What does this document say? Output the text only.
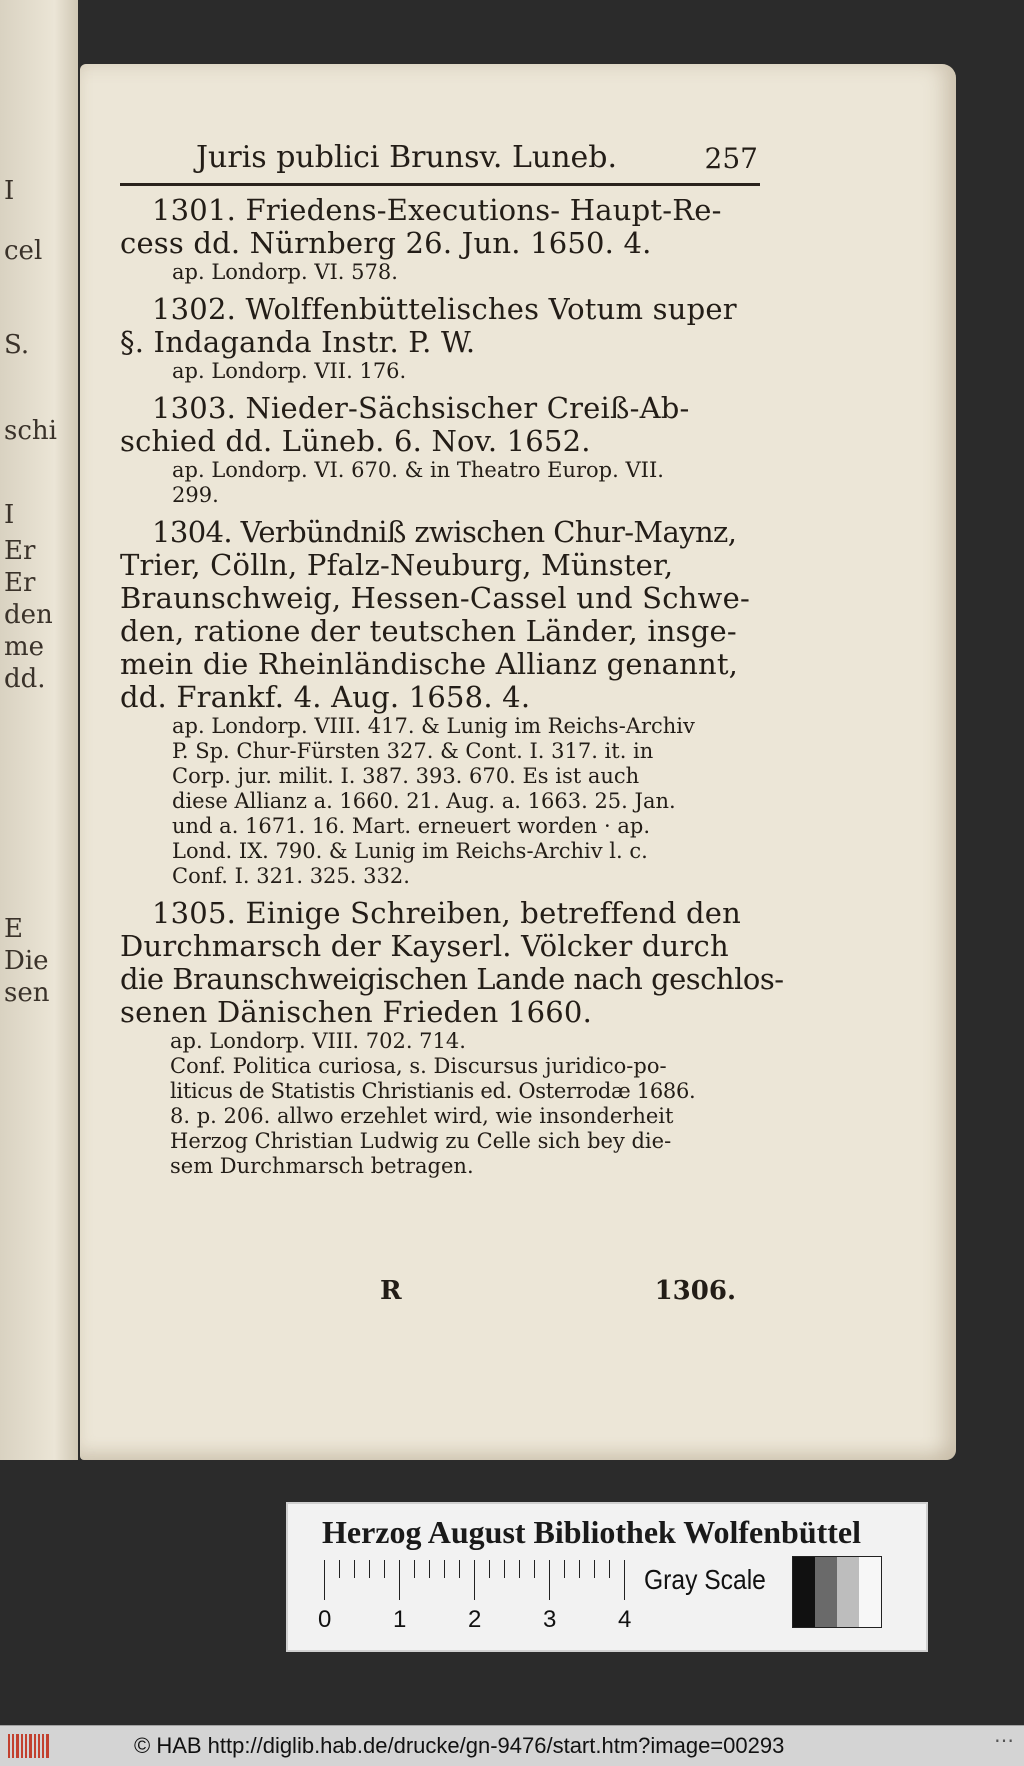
I
cel
S.
schi
I
Er
Er
den
me
dd.
E
Die
sen
Juris publici Brunsv. Luneb.	257
1301. Friedens-Executions- Haupt-Re-
cess dd. Nürnberg 26. Jun. 1650. 4.
ap. Londorp. VI. 578.
1302. Wolffenbüttelisches Votum super
§. Indaganda Instr. P. W.
ap. Londorp. VII. 176.
1303. Nieder-Sächsischer Creiß-Ab-
schied dd. Lüneb. 6. Nov. 1652.
ap. Londorp. VI. 670. & in Theatro Europ. VII.
299.
1304. Verbündniß zwischen Chur-Maynz,
Trier, Cölln, Pfalz-Neuburg, Münster,
Braunschweig, Hessen-Cassel und Schwe-
den, ratione der teutschen Länder, insge-
mein die Rheinländische Allianz genannt,
dd. Frankf. 4. Aug. 1658. 4.
ap. Londorp. VIII. 417. & Lunig im Reichs-Archiv
P. Sp. Chur-Fürsten 327. & Cont. I. 317. it. in
Corp. jur. milit. I. 387. 393. 670. Es ist auch
diese Allianz a. 1660. 21. Aug. a. 1663. 25. Jan.
und a. 1671. 16. Mart. erneuert worden · ap.
Lond. IX. 790. & Lunig im Reichs-Archiv l. c.
Conf. I. 321. 325. 332.
1305. Einige Schreiben, betreffend den
Durchmarsch der Kayserl. Völcker durch
die Braunschweigischen Lande nach geschlos-
senen Dänischen Frieden 1660.
ap. Londorp. VIII. 702. 714.
Conf. Politica curiosa, s. Discursus juridico-po-
liticus de Statistis Christianis ed. Osterrodæ 1686.
8. p. 206. allwo erzehlet wird, wie insonderheit
Herzog Christian Ludwig zu Celle sich bey die-
sem Durchmarsch betragen.
R	1306.
Herzog August Bibliothek Wolfenbüttel
0	1	2	3	4
Gray Scale
© HAB http://diglib.hab.de/drucke/gn-9476/start.htm?image=00293	⋯
